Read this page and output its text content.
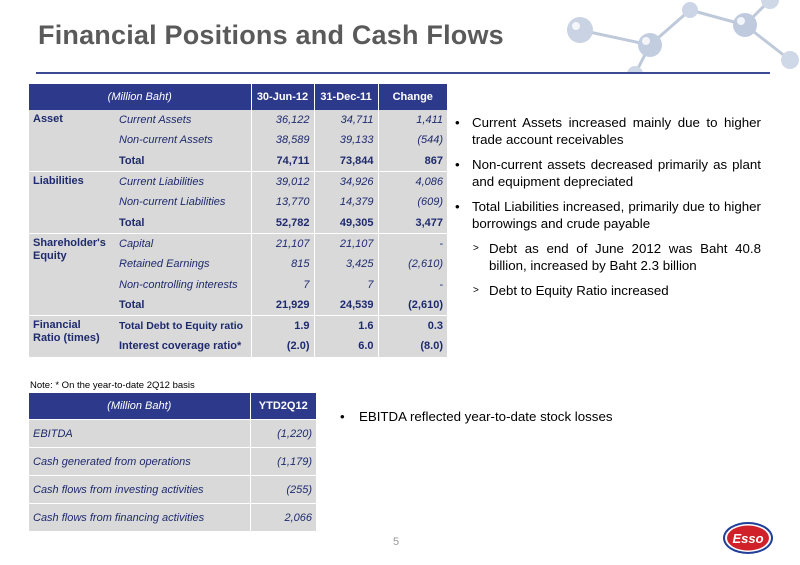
Financial Positions and Cash Flows
(Million Baht)		30-Jun-12	31-Dec-11	Change
Asset	Current Assets	36,122	34,711	1,411
	Non-current Assets	38,589	39,133	(544)
	Total	74,711	73,844	867
Liabilities	Current Liabilities	39,012	34,926	4,086
	Non-current Liabilities	13,770	14,379	(609)
	Total	52,782	49,305	3,477
Shareholder's Equity	Capital	21,107	21,107	-
	Retained Earnings	815	3,425	(2,610)
	Non-controlling interests	7	7	-
	Total	21,929	24,539	(2,610)
Financial Ratio (times)	Total Debt to Equity ratio	1.9	1.6	0.3
	Interest coverage ratio*	(2.0)	6.0	(8.0)
Note: * On the year-to-date 2Q12 basis
(Million Baht)	YTD2Q12
EBITDA	(1,220)
Cash generated from operations	(1,179)
Cash flows from investing activities	(255)
Cash flows from financing activities	2,066
• Current Assets increased mainly due to higher trade account receivables
• Non-current assets decreased primarily as plant and equipment depreciated
• Total Liabilities increased, primarily due to higher borrowings and crude payable
> Debt as end of June 2012 was Baht 40.8 billion, increased by Baht 2.3 billion
> Debt to Equity Ratio increased
• EBITDA reflected year-to-date stock losses
5	Esso
